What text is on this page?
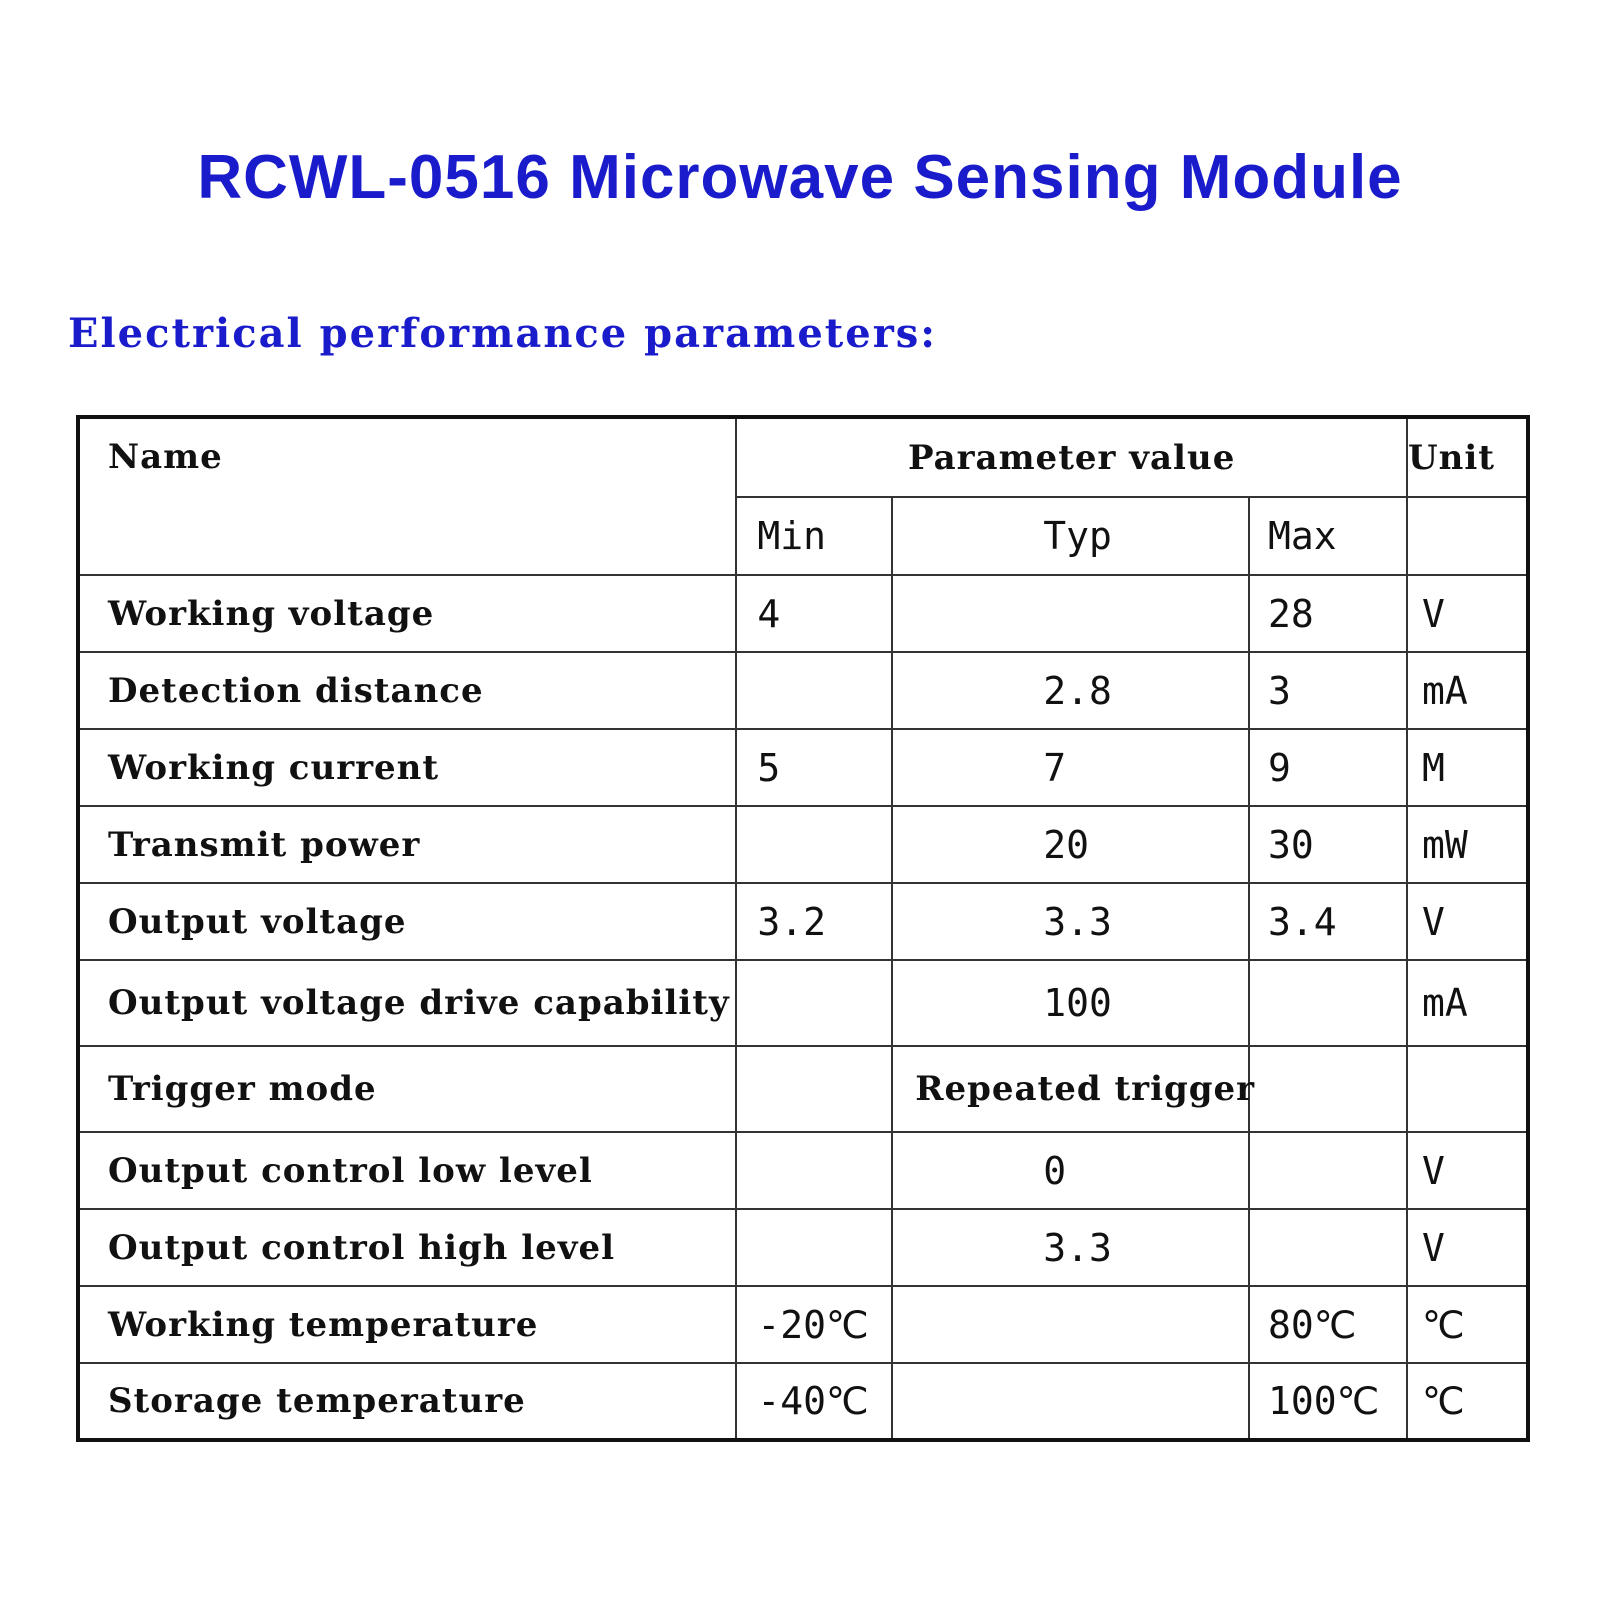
RCWL-0516 Microwave Sensing Module
Electrical performance parameters:
Name	Parameter value			Unit
	Min	Typ	Max	
Working voltage	4		28	V
Detection distance		2.8	3	mA
Working current	5	7	9	M
Transmit power		20	30	mW
Output voltage	3.2	3.3	3.4	V
Output voltage drive capability		100		mA
Trigger mode		Repeated trigger		
Output control low level		0		V
Output control high level		3.3		V
Working temperature	-20℃		80℃	℃
Storage temperature	-40℃		100℃	℃
